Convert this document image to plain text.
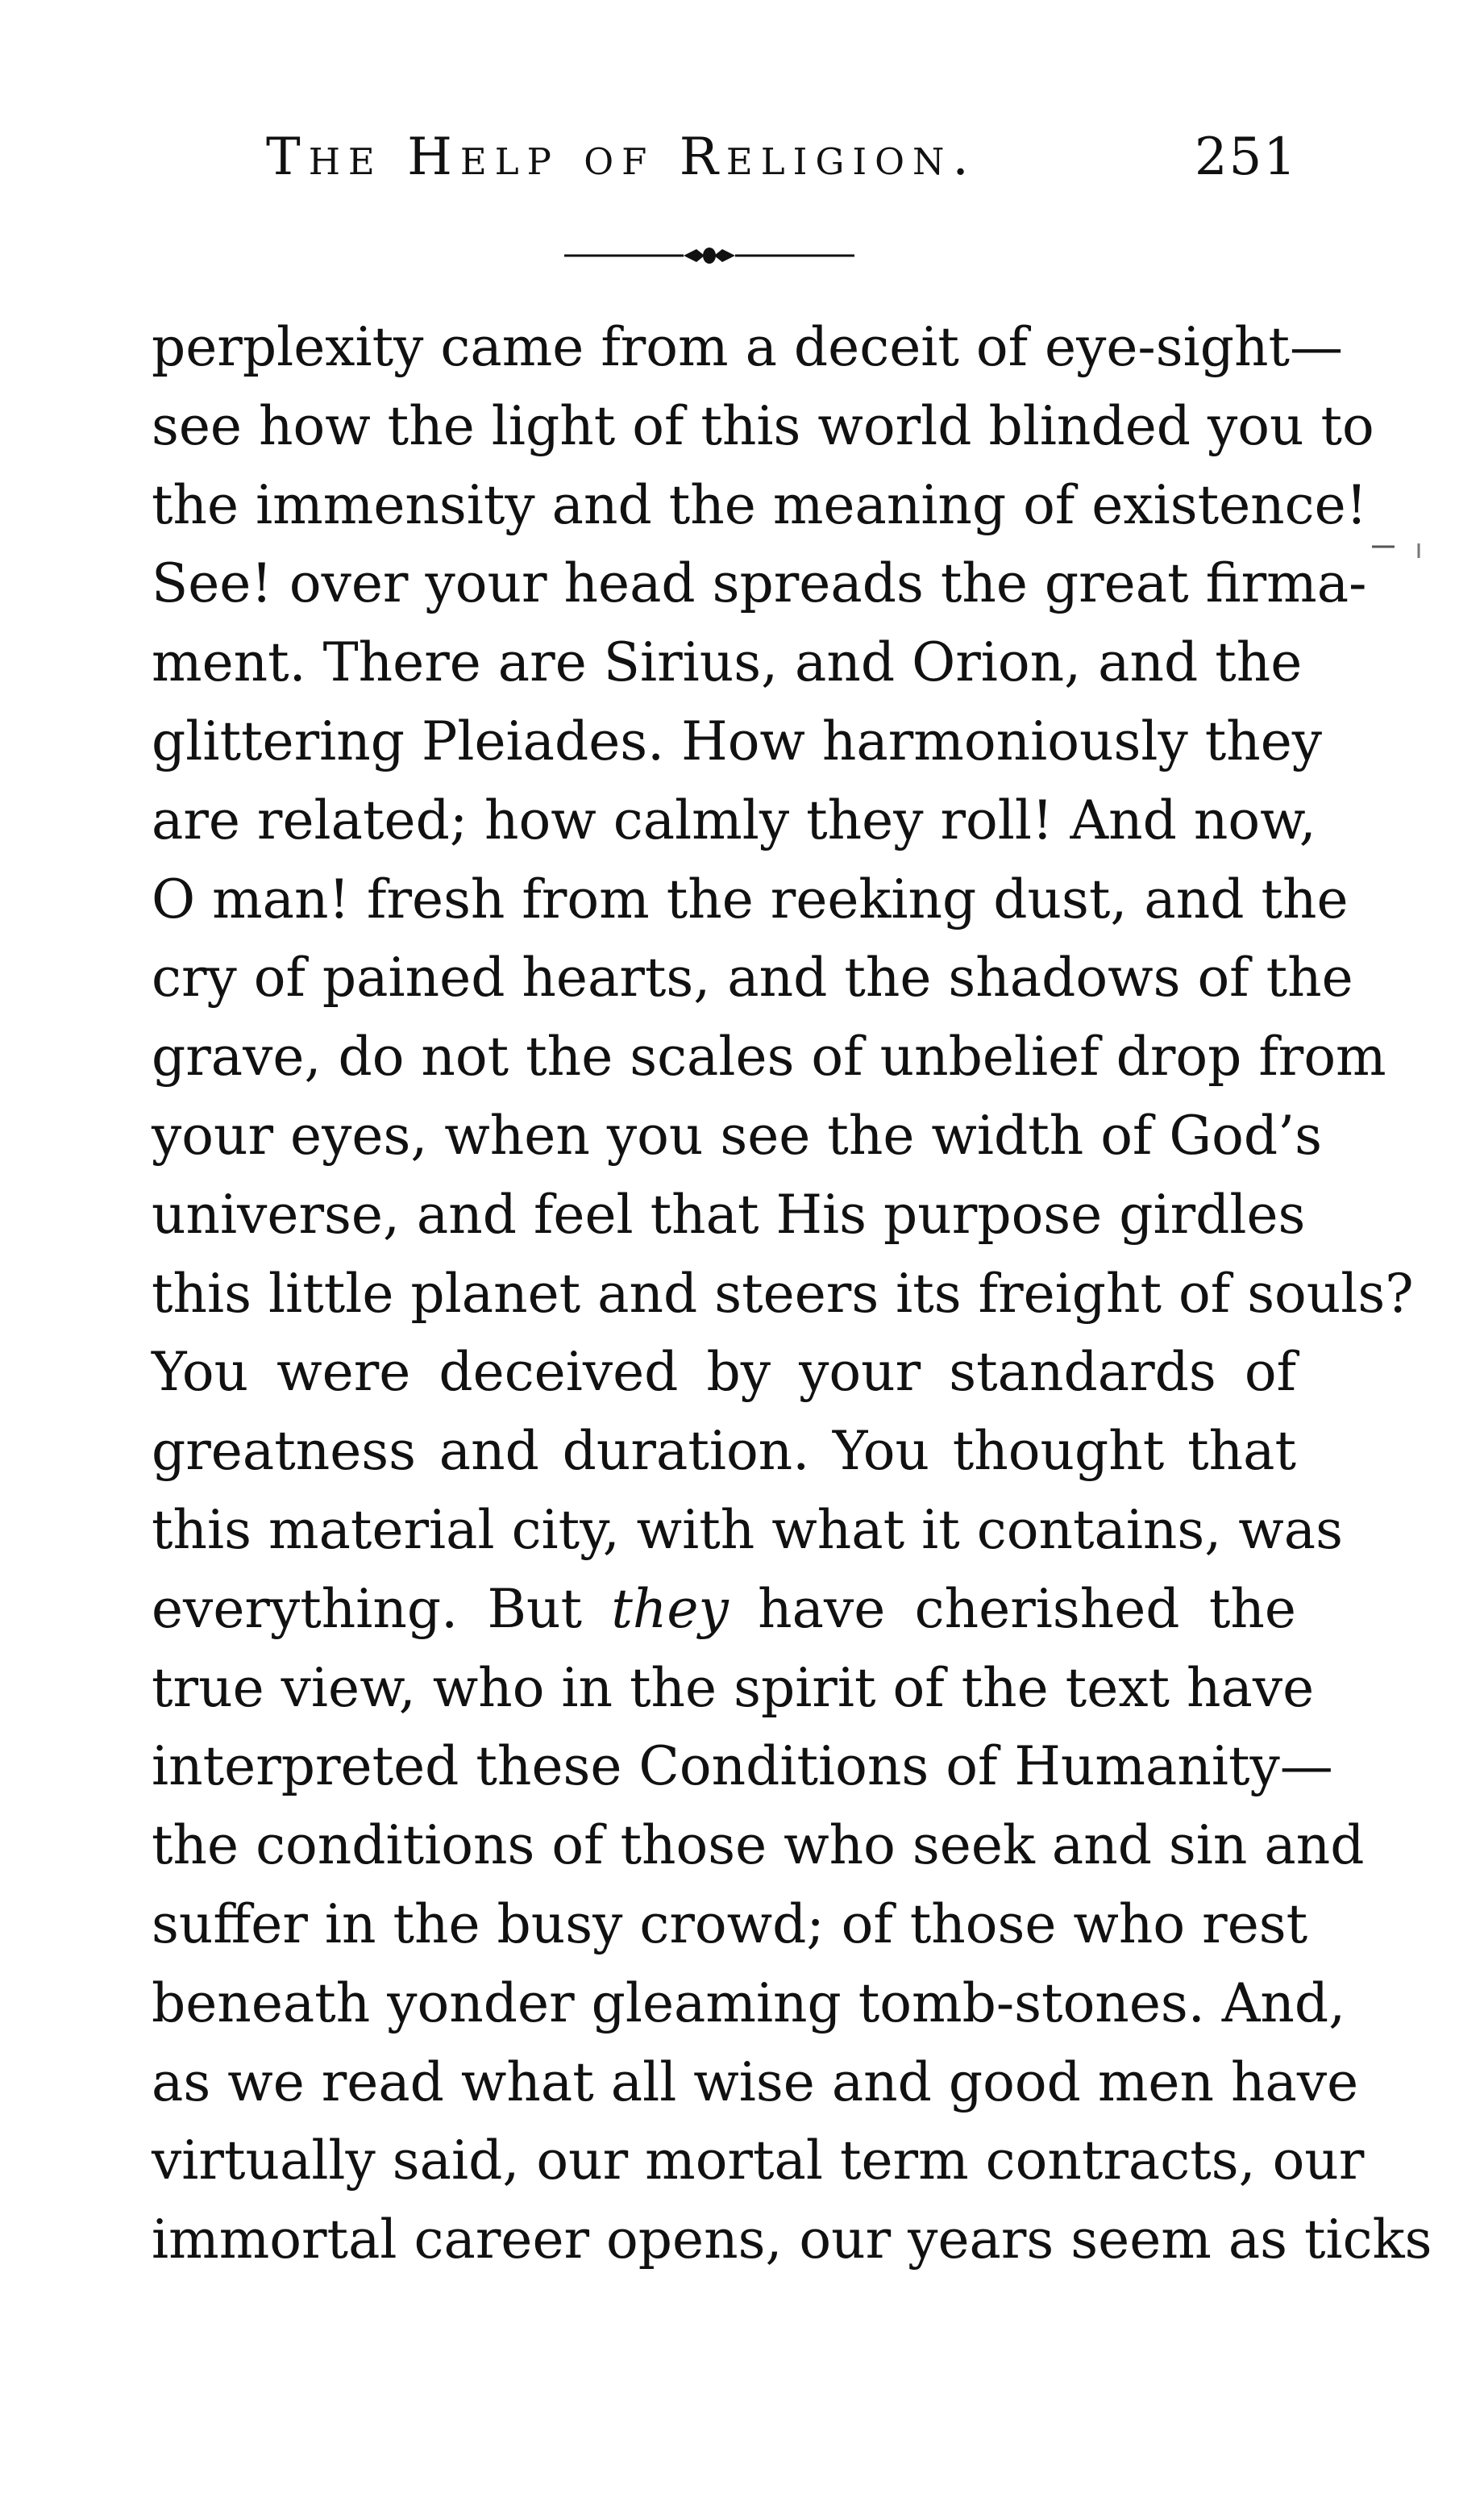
The Help of Religion.	251
perplexity came from a deceit of eye-sight—
see how the light of this world blinded you to
the immensity and the meaning of existence!
See! over your head spreads the great firma-
ment. There are Sirius, and Orion, and the
glittering Pleiades. How harmoniously they
are related; how calmly they roll! And now,
O man! fresh from the reeking dust, and the
cry of pained hearts, and the shadows of the
grave, do not the scales of unbelief drop from
your eyes, when you see the width of God’s
universe, and feel that His purpose girdles
this little planet and steers its freight of souls?
You were deceived by your standards of
greatness and duration. You thought that
this material city, with what it contains, was
everything. But they have cherished the
true view, who in the spirit of the text have
interpreted these Conditions of Humanity—
the conditions of those who seek and sin and
suffer in the busy crowd; of those who rest
beneath yonder gleaming tomb-stones. And,
as we read what all wise and good men have
virtually said, our mortal term contracts, our
immortal career opens, our years seem as ticks
